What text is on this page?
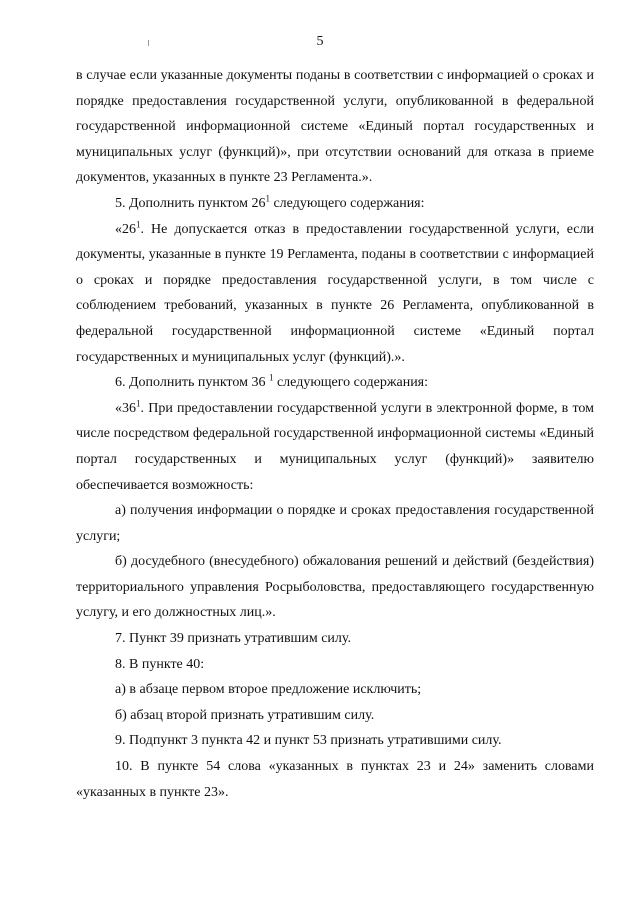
5

в случае если указанные документы поданы в соответствии с информацией о сроках и порядке предоставления государственной услуги, опубликованной в федеральной государственной информационной системе «Единый портал государственных и муниципальных услуг (функций)», при отсутствии оснований для отказа в приеме документов, указанных в пункте 23 Регламента.».

5. Дополнить пунктом $26^1$ следующего содержания:

«$26^1$. Не допускается отказ в предоставлении государственной услуги, если документы, указанные в пункте 19 Регламента, поданы в соответствии с информацией о сроках и порядке предоставления государственной услуги, в том числе с соблюдением требований, указанных в пункте 26 Регламента, опубликованной в федеральной государственной информационной системе «Единый портал государственных и муниципальных услуг (функций).».

6. Дополнить пунктом 36 $^1$ следующего содержания:

«$36^1$. При предоставлении государственной услуги в электронной форме, в том числе посредством федеральной государственной информационной системы «Единый портал государственных и муниципальных услуг (функций)» заявителю обеспечивается возможность:

а) получения информации о порядке и сроках предоставления государственной услуги;

б) досудебного (внесудебного) обжалования решений и действий (бездействия) территориального управления Росрыболовства, предоставляющего государственную услугу, и его должностных лиц.».

7. Пункт 39 признать утратившим силу.

8. В пункте 40:

а) в абзаце первом второе предложение исключить;

б) абзац второй признать утратившим силу.

9. Подпункт 3 пункта 42 и пункт 53 признать утратившими силу.

10. В пункте 54 слова «указанных в пунктах 23 и 24» заменить словами «указанных в пункте 23».
